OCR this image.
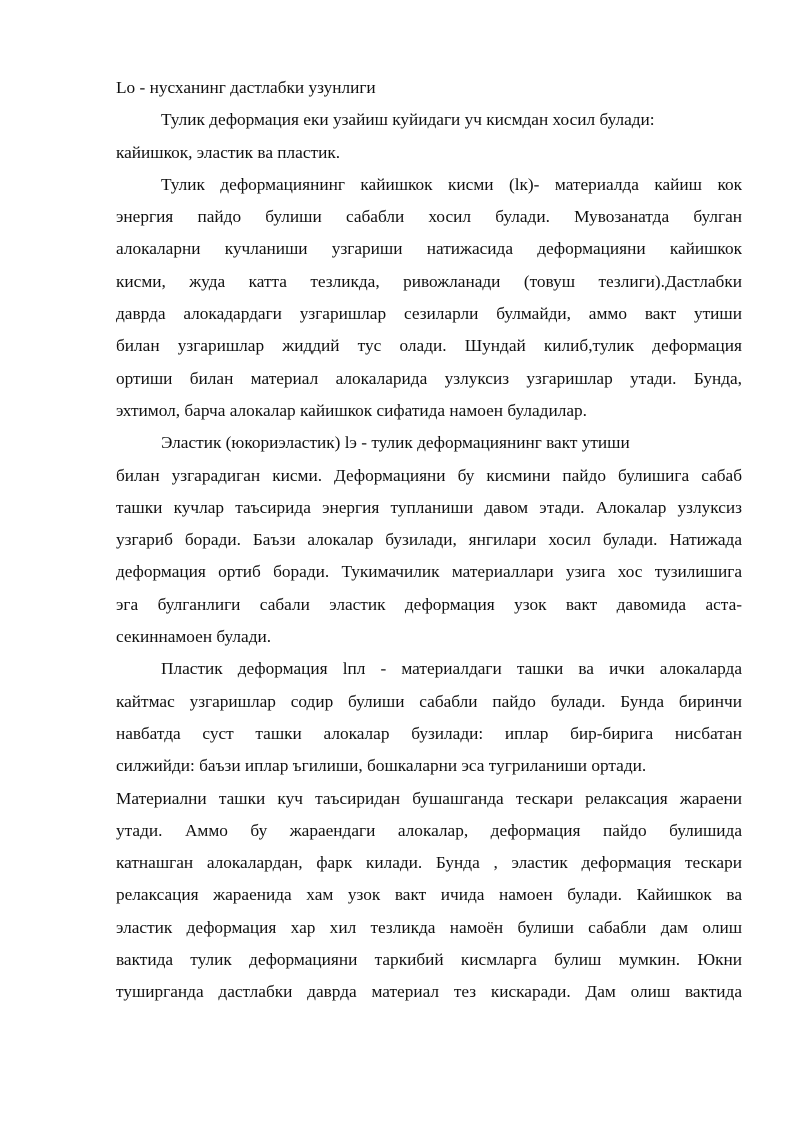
Lo - нусханинг дастлабки узунлиги
Тулик деформация еки узайиш куйидаги уч кисмдан хосил булади:
кайишкок, эластик ва пластик.
Тулик деформациянинг кайишкок кисми (lк)- материалда кайиш кок
энергия пайдо булиши сабабли хосил булади. Мувозанатда булган
алокаларни кучланиши узгариши натижасида деформацияни кайишкок
кисми, жуда катта тезликда, ривожланади (товуш тезлиги).Дастлабки
даврда алокадардаги узгаришлар сезиларли булмайди, аммо вакт утиши
билан узгаришлар жиддий тус олади. Шундай килиб,тулик деформация
ортиши билан материал алокаларида узлуксиз узгаришлар утади. Бунда,
эхтимол, барча алокалар кайишкок сифатида намоен буладилар.
Эластик (юкориэластик) lэ - тулик деформациянинг вакт утиши
билан узгарадиган кисми. Деформацияни бу кисмини пайдо булишига сабаб
ташки кучлар таъсирида энергия тупланиши давом этади. Алокалар узлуксиз
узгариб боради. Баъзи алокалар бузилади, янгилари хосил булади. Натижада
деформация ортиб боради. Тукимачилик материаллари узига хос тузилишига
эга булганлиги сабали эластик деформация узок вакт давомида аста-
секиннамоен булади.
Пластик деформация lпл - материалдаги ташки ва ички алокаларда
кайтмас узгаришлар содир булиши сабабли пайдо булади. Бунда биринчи
навбатда суст ташки алокалар бузилади: иплар бир-бирига нисбатан
силжийди: баъзи иплар ъгилиши, бошкаларни эса тугриланиши ортади.
Материални ташки куч таъсиридан бушашганда тескари релаксация жараени
утади. Аммо бу жараендаги алокалар, деформация пайдо булишида
катнашган алокалардан, фарк килади. Бунда , эластик деформация тескари
релаксация жараенида хам узок вакт ичида намоен булади. Кайишкок ва
эластик деформация хар хил тезликда намоён булиши сабабли дам олиш
вактида тулик деформацияни таркибий кисмларга булиш мумкин. Юкни
туширганда дастлабки даврда материал тез кискаради. Дам олиш вактида
